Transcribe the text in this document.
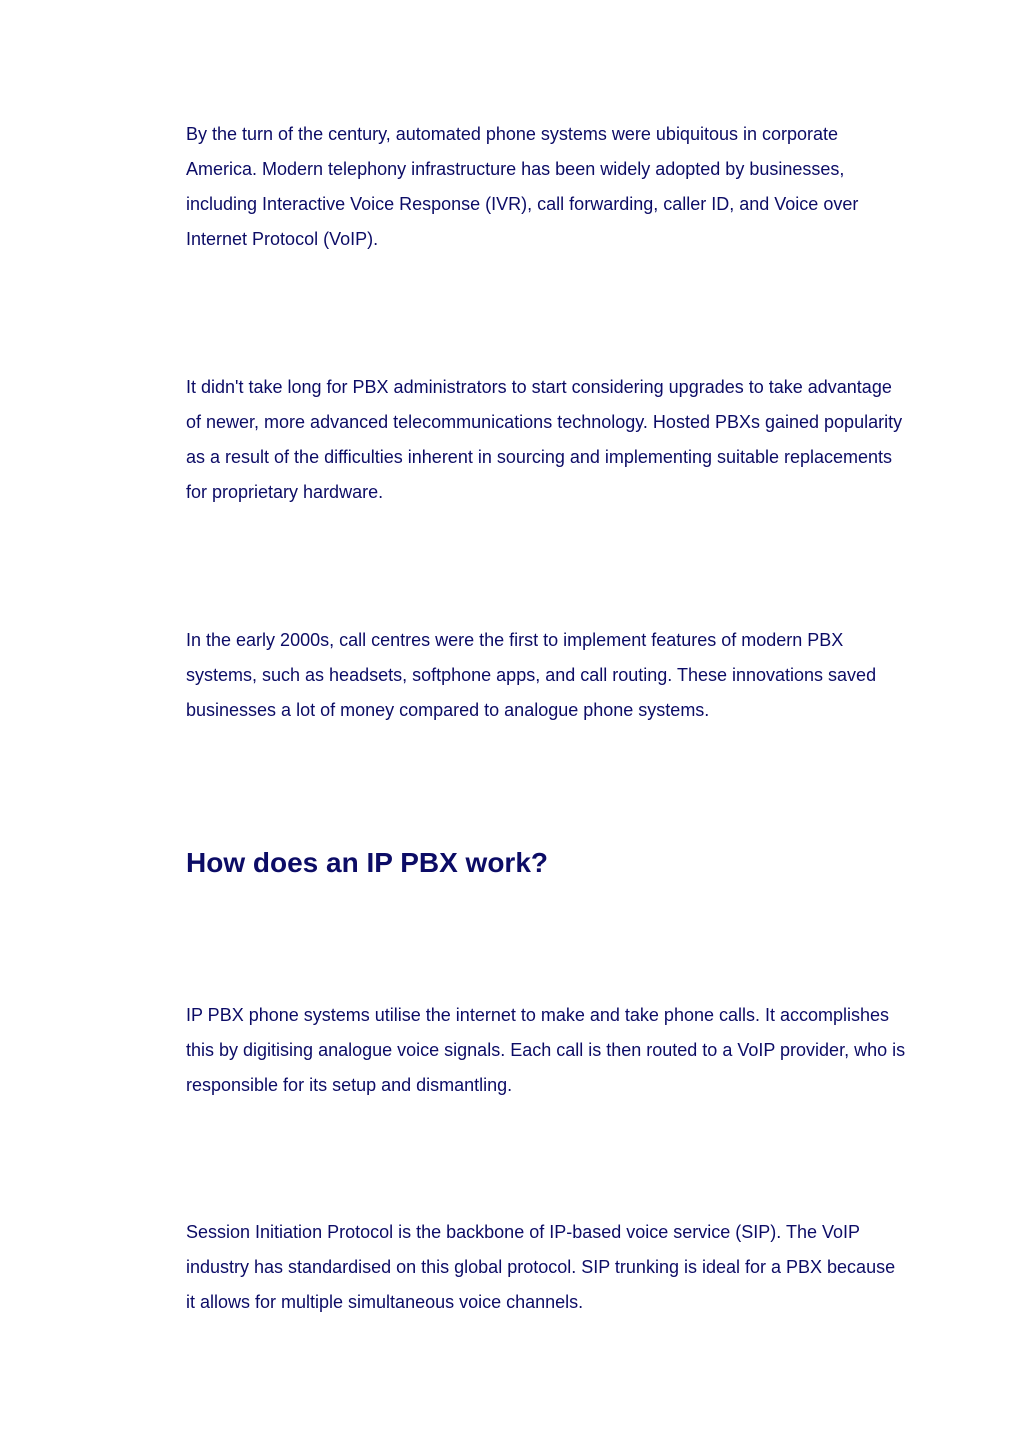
By the turn of the century, automated phone systems were ubiquitous in corporate America. Modern telephony infrastructure has been widely adopted by businesses, including Interactive Voice Response (IVR), call forwarding, caller ID, and Voice over Internet Protocol (VoIP).

It didn't take long for PBX administrators to start considering upgrades to take advantage of newer, more advanced telecommunications technology. Hosted PBXs gained popularity as a result of the difficulties inherent in sourcing and implementing suitable replacements for proprietary hardware.

In the early 2000s, call centres were the first to implement features of modern PBX systems, such as headsets, softphone apps, and call routing. These innovations saved businesses a lot of money compared to analogue phone systems.

How does an IP PBX work?

IP PBX phone systems utilise the internet to make and take phone calls. It accomplishes this by digitising analogue voice signals. Each call is then routed to a VoIP provider, who is responsible for its setup and dismantling.

Session Initiation Protocol is the backbone of IP-based voice service (SIP). The VoIP industry has standardised on this global protocol. SIP trunking is ideal for a PBX because it allows for multiple simultaneous voice channels.
